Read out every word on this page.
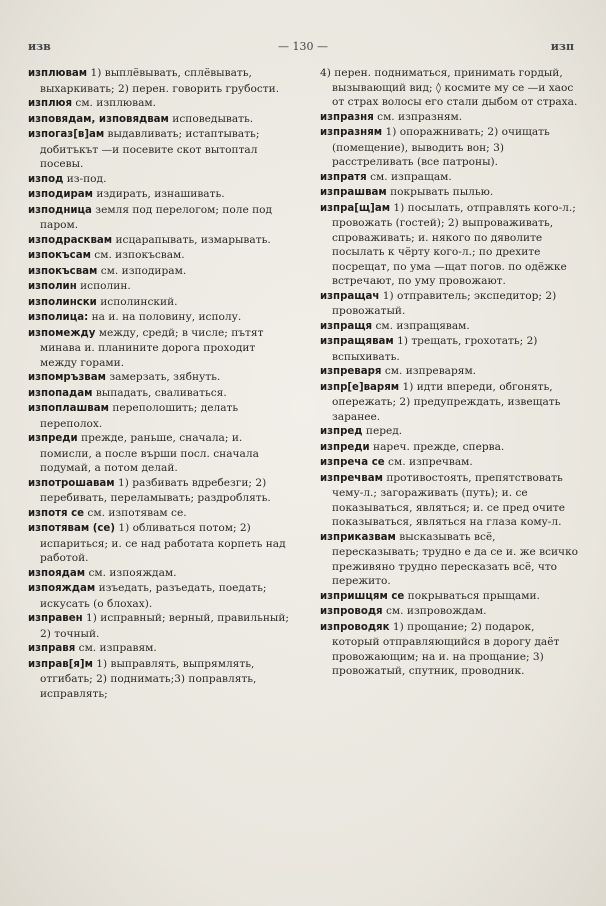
изв	— 130 —	изп

изплювам 1) выплёвывать, сплёвывать, выхаркивать; 2) перен. говорить грубости.

изплюя см. изплювам.

изповядам, изповядвам исповедывать.

изпогаз[в]ам выдавливать; истаптывать; добитъкът —и посевите скот вытоптал посевы.

изпод из-под.

изподирам издирать, изнашивать.

изподница земля под перелогом; поле под паром.

изподрасквам исцарапывать, измарывать.

изпокъсам см. изпокъсвам.

изпокъсвам см. изподирам.

изполин исполин.

изполински исполинский.

изполица: на и. на половину, исполу.

изпомежду между, средй; в числе; пътят минава и. планините дорога проходит между горами.

изпомръзвам замерзать, зябнуть.

изпопадам выпадать, сваливаться.

изпоплашвам переполошить; делать переполох.

изпреди прежде, раньше, сначала; и. помисли, а после върши посл. сначала подумай, а потом делай.

изпотрошавам 1) разбивать вдребезги; 2) перебивать, переламывать; раздроблять.

изпотя се см. изпотявам се.

изпотявам (се) 1) обливаться потом; 2) испариться; и. се над работата корпеть над работой.

изпоядам см. изпояждам.

изпояждам изъедать, разъедать, поедать; искусать (о блохах).

изправен 1) исправный; верный, правильный; 2) точный.

изправя см. изправям.

изправ[я]м 1) выправлять, выпрямлять, отгибать; 2) поднимать;3) поправлять, исправлять;

4) перен. подниматься, принимать гордый, вызывающий вид; ◊ космите му се —и хаос от страх волосы его стали дыбом от страха.

изпразня см. изпразням.

изпразням 1) опоражнивать; 2) очищать (помещение), выводить вон; 3) расстреливать (все патроны).

изпратя см. изпращам.

изпрашвам покрывать пылью.

изпра[щ]ам 1) посылать, отправлять кого-л.; провожать (гостей); 2) выпроваживать, спроваживать; и. някого по дяволите посылать к чёрту кого-л.; по дрехите посрещат, по ума —щат погов. по одёжке встречают, по уму провожают.

изпращач 1) отправитель; экспедитор; 2) провожатый.

изпращя см. изпращявам.

изпращявам 1) трещать, грохотать; 2) вспыхивать.

изпреваря см. изпреварям.

изпр[е]варям 1) идти впереди, обгонять, опережать; 2) предупреждать, извещать заранее.

изпред перед.

изпреди нареч. прежде, сперва.

изпреча се см. изпречвам.

изпречвам противостоять, препятствовать чему-л.; загораживать (путь); и. се показываться, являться; и. се пред очите показываться, являться на глаза кому-л.

изприказвам высказывать всё, пересказывать; трудно е да се и. же всичко преживяно трудно пересказать всё, что пережито.

изпришцям се покрываться прыщами.

изпроводя см. изпровождам.

изпроводяк 1) прощание; 2) подарок, который отправляющийся в дорогу даёт провожающим; на и. на прощание; 3) провожатый, спутник, проводник.
